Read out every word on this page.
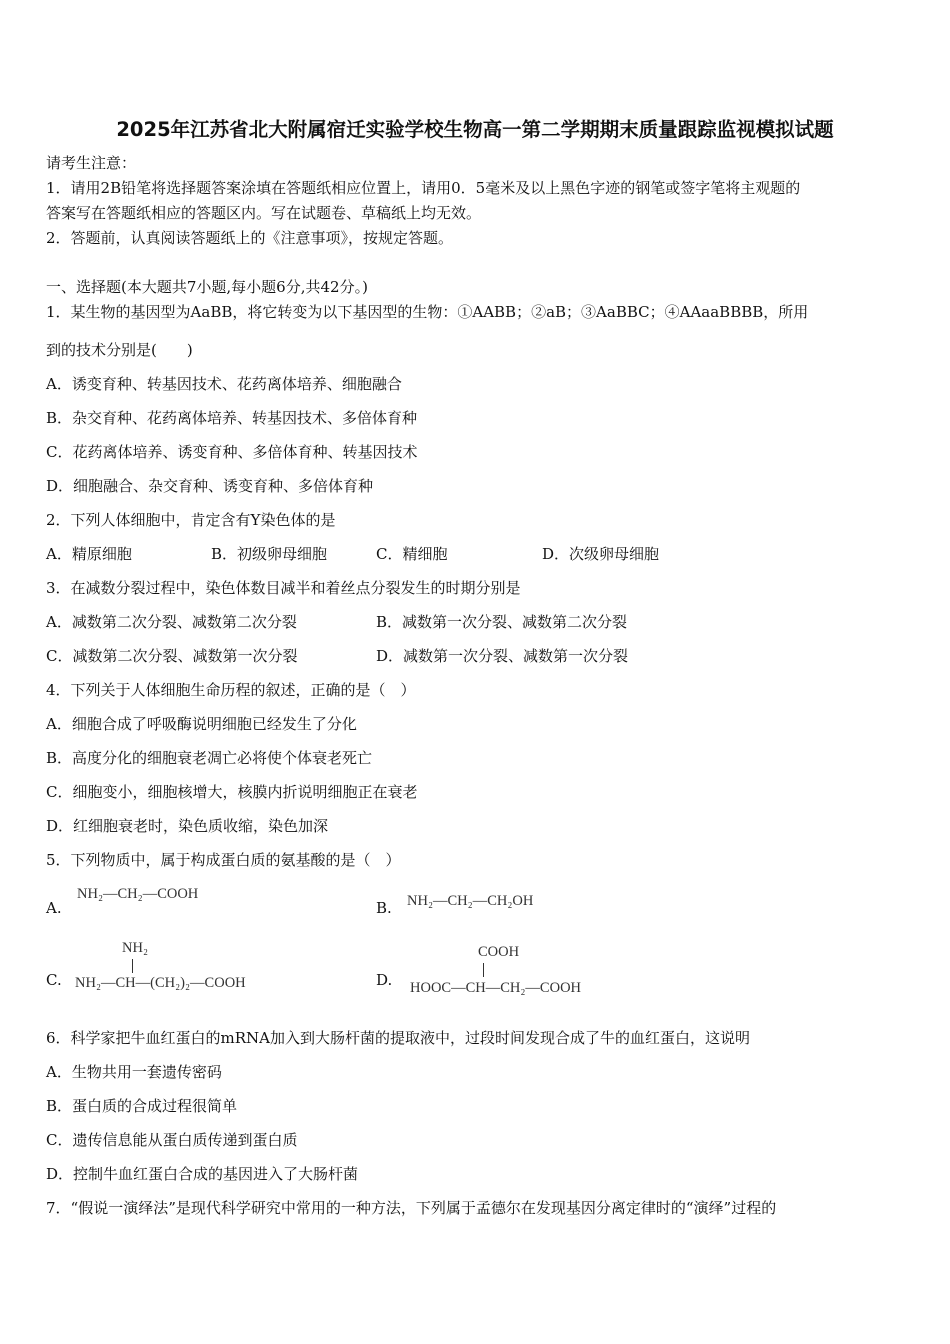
2025年江苏省北大附属宿迁实验学校生物高一第二学期期末质量跟踪监视模拟试题
请考生注意：
1．请用2B铅笔将选择题答案涂填在答题纸相应位置上，请用0．5毫米及以上黑色字迹的钢笔或签字笔将主观题的
答案写在答题纸相应的答题区内。写在试题卷、草稿纸上均无效。
2．答题前，认真阅读答题纸上的《注意事项》，按规定答题。
一、选择题(本大题共7小题,每小题6分,共42分。)
1．某生物的基因型为AaBB，将它转变为以下基因型的生物：①AABB；②aB；③AaBBC；④AAaaBBBB，所用
到的技术分别是(　　)
A．诱变育种、转基因技术、花药离体培养、细胞融合
B．杂交育种、花药离体培养、转基因技术、多倍体育种
C．花药离体培养、诱变育种、多倍体育种、转基因技术
D．细胞融合、杂交育种、诱变育种、多倍体育种
2．下列人体细胞中，肯定含有Y染色体的是
A．精原细胞	B．初级卵母细胞	C．精细胞	D．次级卵母细胞
3．在减数分裂过程中，染色体数目减半和着丝点分裂发生的时期分别是
A．减数第二次分裂、减数第二次分裂	B．减数第一次分裂、减数第二次分裂
C．减数第二次分裂、减数第一次分裂	D．减数第一次分裂、减数第一次分裂
4．下列关于人体细胞生命历程的叙述，正确的是（　）
A．细胞合成了呼吸酶说明细胞已经发生了分化
B．高度分化的细胞衰老凋亡必将使个体衰老死亡
C．细胞变小，细胞核增大，核膜内折说明细胞正在衰老
D．红细胞衰老时，染色质收缩，染色加深
5．下列物质中，属于构成蛋白质的氨基酸的是（　）
A.
NH₂—CH₂—COOH
B. NH₂—CH₂—CH₂OH
C.
NH₂
NH₂—CH—(CH₂)₂—COOH	D.
COOH
HOOC—CH—CH₂—COOH
6．科学家把牛血红蛋白的mRNA加入到大肠杆菌的提取液中，过段时间发现合成了牛的血红蛋白，这说明
A．生物共用一套遗传密码
B．蛋白质的合成过程很简单
C．遗传信息能从蛋白质传递到蛋白质
D．控制牛血红蛋白合成的基因进入了大肠杆菌
7．“假说一演绎法”是现代科学研究中常用的一种方法，下列属于孟德尔在发现基因分离定律时的“演绎”过程的
